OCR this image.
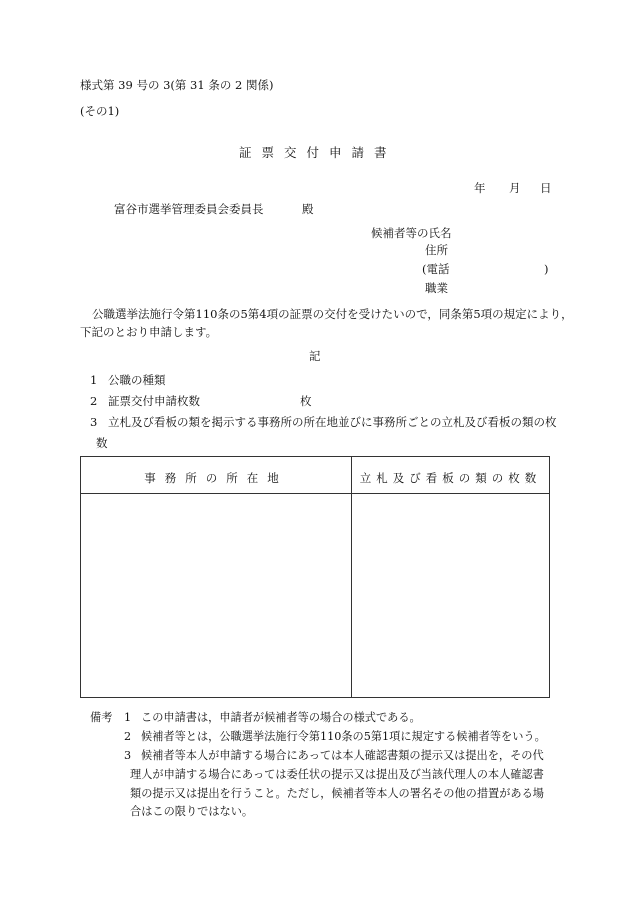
様式第 39 号の 3(第 31 条の 2 関係)
(その1)
証票交付申請書
年 月 日
富谷市選挙管理委員会委員長	殿
候補者等の氏名
住所
(電話	)
職業
公職選挙法施行令第110条の5第4項の証票の交付を受けたいので，同条第5項の規定により，
下記のとおり申請します。
記
1 公職の種類
2 証票交付申請枚数	枚
3 立札及び看板の類を掲示する事務所の所在地並びに事務所ごとの立札及び看板の類の枚
数
事務所の所在地	立札及び看板の類の枚数
備考 1 この申請書は，申請者が候補者等の場合の様式である。
2 候補者等とは，公職選挙法施行令第110条の5第1項に規定する候補者等をいう。
3 候補者等本人が申請する場合にあっては本人確認書類の提示又は提出を，その代
理人が申請する場合にあっては委任状の提示又は提出及び当該代理人の本人確認書
類の提示又は提出を行うこと。ただし，候補者等本人の署名その他の措置がある場
合はこの限りではない。
